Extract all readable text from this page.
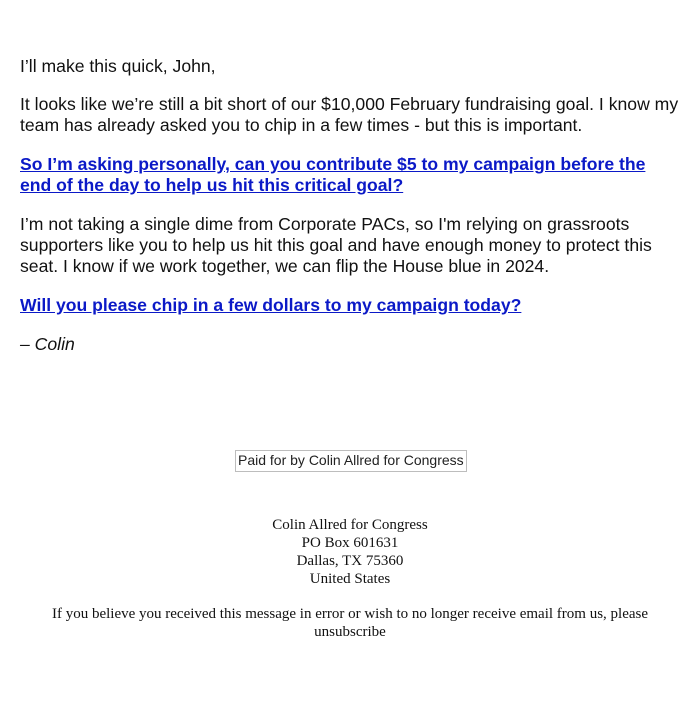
I’ll make this quick, John,

It looks like we’re still a bit short of our $10,000 February fundraising goal. I know my team has already asked you to chip in a few times - but this is important.

So I’m asking personally, can you contribute $5 to my campaign before the end of the day to help us hit this critical goal?

I’m not taking a single dime from Corporate PACs, so I'm relying on grassroots supporters like you to help us hit this goal and have enough money to protect this seat. I know if we work together, we can flip the House blue in 2024.

Will you please chip in a few dollars to my campaign today?

– Colin

Paid for by Colin Allred for Congress
Colin Allred for Congress
PO Box 601631
Dallas, TX 75360
United States
If you believe you received this message in error or wish to no longer receive email from us, please unsubscribe
